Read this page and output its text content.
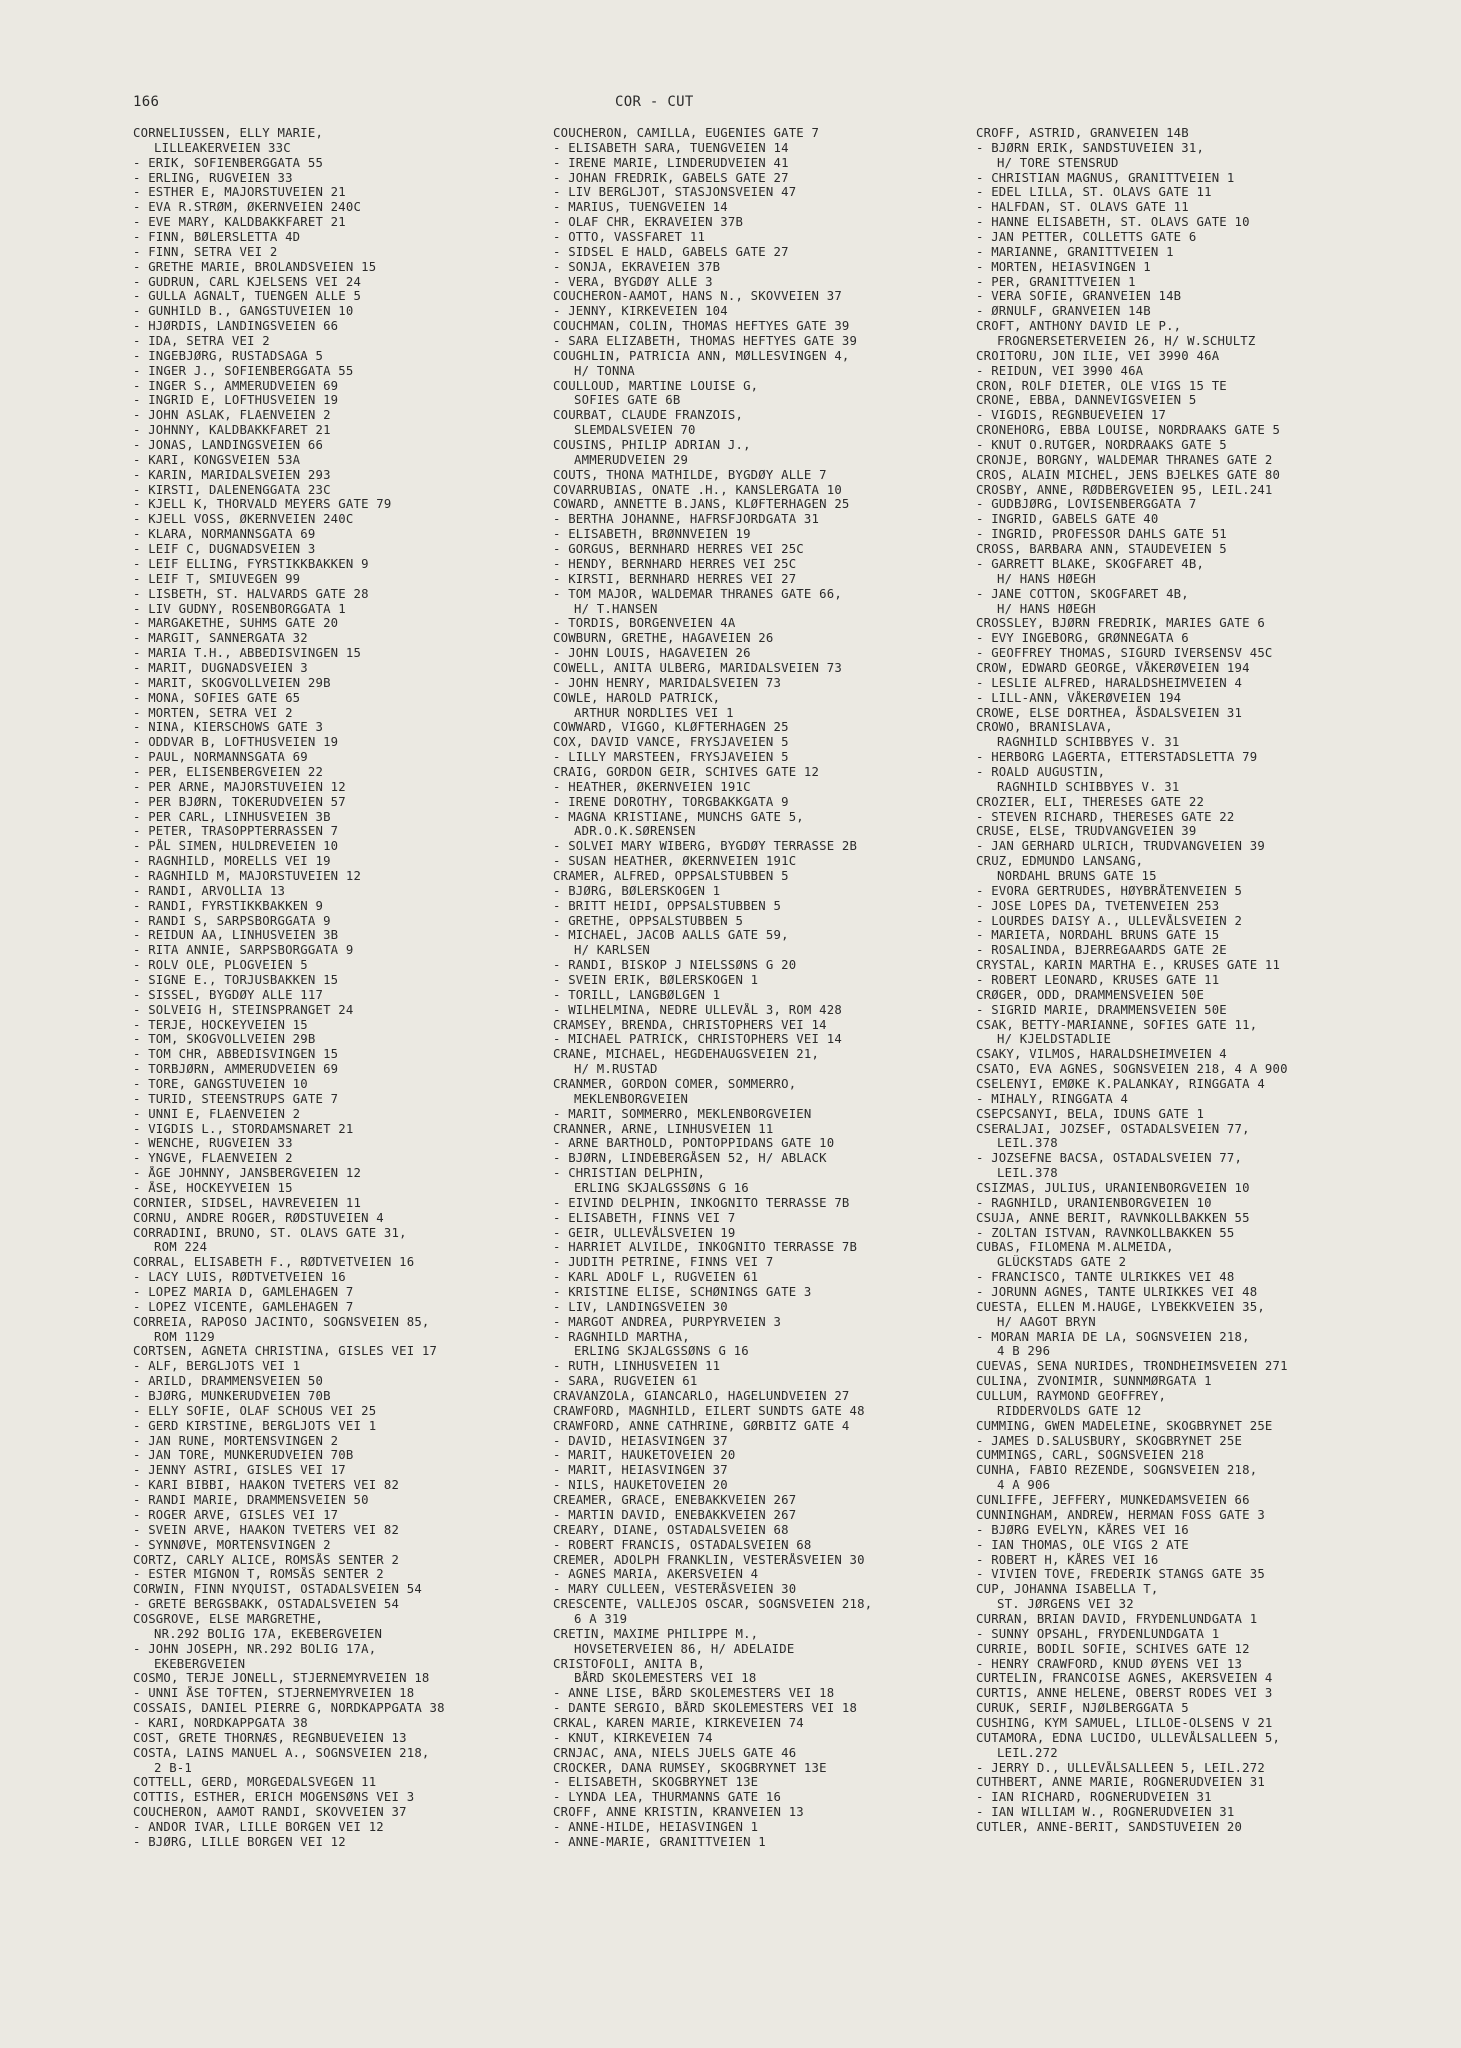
166	COR - CUT
CORNELIUSSEN, ELLY MARIE,
LILLEAKERVEIEN 33C
- ERIK, SOFIENBERGGATA 55
- ERLING, RUGVEIEN 33
- ESTHER E, MAJORSTUVEIEN 21
- EVA R.STRØM, ØKERNVEIEN 240C
- EVE MARY, KALDBAKKFARET 21
- FINN, BØLERSLETTA 4D
- FINN, SETRA VEI 2
- GRETHE MARIE, BROLANDSVEIEN 15
- GUDRUN, CARL KJELSENS VEI 24
- GULLA AGNALT, TUENGEN ALLE 5
- GUNHILD B., GANGSTUVEIEN 10
- HJØRDIS, LANDINGSVEIEN 66
- IDA, SETRA VEI 2
- INGEBJØRG, RUSTADSAGA 5
- INGER J., SOFIENBERGGATA 55
- INGER S., AMMERUDVEIEN 69
- INGRID E, LOFTHUSVEIEN 19
- JOHN ASLAK, FLAENVEIEN 2
- JOHNNY, KALDBAKKFARET 21
- JONAS, LANDINGSVEIEN 66
- KARI, KONGSVEIEN 53A
- KARIN, MARIDALSVEIEN 293
- KIRSTI, DALENENGGATA 23C
- KJELL K, THORVALD MEYERS GATE 79
- KJELL VOSS, ØKERNVEIEN 240C
- KLARA, NORMANNSGATA 69
- LEIF C, DUGNADSVEIEN 3
- LEIF ELLING, FYRSTIKKBAKKEN 9
- LEIF T, SMIUVEGEN 99
- LISBETH, ST. HALVARDS GATE 28
- LIV GUDNY, ROSENBORGGATA 1
- MARGAKETHE, SUHMS GATE 20
- MARGIT, SANNERGATA 32
- MARIA T.H., ABBEDISVINGEN 15
- MARIT, DUGNADSVEIEN 3
- MARIT, SKOGVOLLVEIEN 29B
- MONA, SOFIES GATE 65
- MORTEN, SETRA VEI 2
- NINA, KIERSCHOWS GATE 3
- ODDVAR B, LOFTHUSVEIEN 19
- PAUL, NORMANNSGATA 69
- PER, ELISENBERGVEIEN 22
- PER ARNE, MAJORSTUVEIEN 12
- PER BJØRN, TOKERUDVEIEN 57
- PER CARL, LINHUSVEIEN 3B
- PETER, TRASOPPTERRASSEN 7
- PÅL SIMEN, HULDREVEIEN 10
- RAGNHILD, MORELLS VEI 19
- RAGNHILD M, MAJORSTUVEIEN 12
- RANDI, ARVOLLIA 13
- RANDI, FYRSTIKKBAKKEN 9
- RANDI S, SARPSBORGGATA 9
- REIDUN AA, LINHUSVEIEN 3B
- RITA ANNIE, SARPSBORGGATA 9
- ROLV OLE, PLOGVEIEN 5
- SIGNE E., TORJUSBAKKEN 15
- SISSEL, BYGDØY ALLE 117
- SOLVEIG H, STEINSPRANGET 24
- TERJE, HOCKEYVEIEN 15
- TOM, SKOGVOLLVEIEN 29B
- TOM CHR, ABBEDISVINGEN 15
- TORBJØRN, AMMERUDVEIEN 69
- TORE, GANGSTUVEIEN 10
- TURID, STEENSTRUPS GATE 7
- UNNI E, FLAENVEIEN 2
- VIGDIS L., STORDAMSNARET 21
- WENCHE, RUGVEIEN 33
- YNGVE, FLAENVEIEN 2
- ÅGE JOHNNY, JANSBERGVEIEN 12
- ÅSE, HOCKEYVEIEN 15
CORNIER, SIDSEL, HAVREVEIEN 11
CORNU, ANDRE ROGER, RØDSTUVEIEN 4
CORRADINI, BRUNO, ST. OLAVS GATE 31,
ROM 224
CORRAL, ELISABETH F., RØDTVETVEIEN 16
- LACY LUIS, RØDTVETVEIEN 16
- LOPEZ MARIA D, GAMLEHAGEN 7
- LOPEZ VICENTE, GAMLEHAGEN 7
CORREIA, RAPOSO JACINTO, SOGNSVEIEN 85,
ROM 1129
CORTSEN, AGNETA CHRISTINA, GISLES VEI 17
- ALF, BERGLJOTS VEI 1
- ARILD, DRAMMENSVEIEN 50
- BJØRG, MUNKERUDVEIEN 70B
- ELLY SOFIE, OLAF SCHOUS VEI 25
- GERD KIRSTINE, BERGLJOTS VEI 1
- JAN RUNE, MORTENSVINGEN 2
- JAN TORE, MUNKERUDVEIEN 70B
- JENNY ASTRI, GISLES VEI 17
- KARI BIBBI, HAAKON TVETERS VEI 82
- RANDI MARIE, DRAMMENSVEIEN 50
- ROGER ARVE, GISLES VEI 17
- SVEIN ARVE, HAAKON TVETERS VEI 82
- SYNNØVE, MORTENSVINGEN 2
CORTZ, CARLY ALICE, ROMSÅS SENTER 2
- ESTER MIGNON T, ROMSÅS SENTER 2
CORWIN, FINN NYQUIST, OSTADALSVEIEN 54
- GRETE BERGSBAKK, OSTADALSVEIEN 54
COSGROVE, ELSE MARGRETHE,
NR.292 BOLIG 17A, EKEBERGVEIEN
- JOHN JOSEPH, NR.292 BOLIG 17A,
EKEBERGVEIEN
COSMO, TERJE JONELL, STJERNEMYRVEIEN 18
- UNNI ÅSE TOFTEN, STJERNEMYRVEIEN 18
COSSAIS, DANIEL PIERRE G, NORDKAPPGATA 38
- KARI, NORDKAPPGATA 38
COST, GRETE THORNÆS, REGNBUEVEIEN 13
COSTA, LAINS MANUEL A., SOGNSVEIEN 218,
2 B-1
COTTELL, GERD, MORGEDALSVEGEN 11
COTTIS, ESTHER, ERICH MOGENSØNS VEI 3
COUCHERON, AAMOT RANDI, SKOVVEIEN 37
- ANDOR IVAR, LILLE BORGEN VEI 12
- BJØRG, LILLE BORGEN VEI 12
COUCHERON, CAMILLA, EUGENIES GATE 7
- ELISABETH SARA, TUENGVEIEN 14
- IRENE MARIE, LINDERUDVEIEN 41
- JOHAN FREDRIK, GABELS GATE 27
- LIV BERGLJOT, STASJONSVEIEN 47
- MARIUS, TUENGVEIEN 14
- OLAF CHR, EKRAVEIEN 37B
- OTTO, VASSFARET 11
- SIDSEL E HALD, GABELS GATE 27
- SONJA, EKRAVEIEN 37B
- VERA, BYGDØY ALLE 3
COUCHERON-AAMOT, HANS N., SKOVVEIEN 37
- JENNY, KIRKEVEIEN 104
COUCHMAN, COLIN, THOMAS HEFTYES GATE 39
- SARA ELIZABETH, THOMAS HEFTYES GATE 39
COUGHLIN, PATRICIA ANN, MØLLESVINGEN 4,
H/ TONNA
COULLOUD, MARTINE LOUISE G,
SOFIES GATE 6B
COURBAT, CLAUDE FRANZOIS,
SLEMDALSVEIEN 70
COUSINS, PHILIP ADRIAN J.,
AMMERUDVEIEN 29
COUTS, THONA MATHILDE, BYGDØY ALLE 7
COVARRUBIAS, ONATE .H., KANSLERGATA 10
COWARD, ANNETTE B.JANS, KLØFTERHAGEN 25
- BERTHA JOHANNE, HAFRSFJORDGATA 31
- ELISABETH, BRØNNVEIEN 19
- GORGUS, BERNHARD HERRES VEI 25C
- HENDY, BERNHARD HERRES VEI 25C
- KIRSTI, BERNHARD HERRES VEI 27
- TOM MAJOR, WALDEMAR THRANES GATE 66,
H/ T.HANSEN
- TORDIS, BORGENVEIEN 4A
COWBURN, GRETHE, HAGAVEIEN 26
- JOHN LOUIS, HAGAVEIEN 26
COWELL, ANITA ULBERG, MARIDALSVEIEN 73
- JOHN HENRY, MARIDALSVEIEN 73
COWLE, HAROLD PATRICK,
ARTHUR NORDLIES VEI 1
COWWARD, VIGGO, KLØFTERHAGEN 25
COX, DAVID VANCE, FRYSJAVEIEN 5
- LILLY MARSTEEN, FRYSJAVEIEN 5
CRAIG, GORDON GEIR, SCHIVES GATE 12
- HEATHER, ØKERNVEIEN 191C
- IRENE DOROTHY, TORGBAKKGATA 9
- MAGNA KRISTIANE, MUNCHS GATE 5,
ADR.O.K.SØRENSEN
- SOLVEI MARY WIBERG, BYGDØY TERRASSE 2B
- SUSAN HEATHER, ØKERNVEIEN 191C
CRAMER, ALFRED, OPPSALSTUBBEN 5
- BJØRG, BØLERSKOGEN 1
- BRITT HEIDI, OPPSALSTUBBEN 5
- GRETHE, OPPSALSTUBBEN 5
- MICHAEL, JACOB AALLS GATE 59,
H/ KARLSEN
- RANDI, BISKOP J NIELSSØNS G 20
- SVEIN ERIK, BØLERSKOGEN 1
- TORILL, LANGBØLGEN 1
- WILHELMINA, NEDRE ULLEVÅL 3, ROM 428
CRAMSEY, BRENDA, CHRISTOPHERS VEI 14
- MICHAEL PATRICK, CHRISTOPHERS VEI 14
CRANE, MICHAEL, HEGDEHAUGSVEIEN 21,
H/ M.RUSTAD
CRANMER, GORDON COMER, SOMMERRO,
MEKLENBORGVEIEN
- MARIT, SOMMERRO, MEKLENBORGVEIEN
CRANNER, ARNE, LINHUSVEIEN 11
- ARNE BARTHOLD, PONTOPPIDANS GATE 10
- BJØRN, LINDEBERGÅSEN 52, H/ ABLACK
- CHRISTIAN DELPHIN,
ERLING SKJALGSSØNS G 16
- EIVIND DELPHIN, INKOGNITO TERRASSE 7B
- ELISABETH, FINNS VEI 7
- GEIR, ULLEVÅLSVEIEN 19
- HARRIET ALVILDE, INKOGNITO TERRASSE 7B
- JUDITH PETRINE, FINNS VEI 7
- KARL ADOLF L, RUGVEIEN 61
- KRISTINE ELISE, SCHØNINGS GATE 3
- LIV, LANDINGSVEIEN 30
- MARGOT ANDREA, PURPYRVEIEN 3
- RAGNHILD MARTHA,
ERLING SKJALGSSØNS G 16
- RUTH, LINHUSVEIEN 11
- SARA, RUGVEIEN 61
CRAVANZOLA, GIANCARLO, HAGELUNDVEIEN 27
CRAWFORD, MAGNHILD, EILERT SUNDTS GATE 48
CRAWFORD, ANNE CATHRINE, GØRBITZ GATE 4
- DAVID, HEIASVINGEN 37
- MARIT, HAUKETOVEIEN 20
- MARIT, HEIASVINGEN 37
- NILS, HAUKETOVEIEN 20
CREAMER, GRACE, ENEBAKKVEIEN 267
- MARTIN DAVID, ENEBAKKVEIEN 267
CREARY, DIANE, OSTADALSVEIEN 68
- ROBERT FRANCIS, OSTADALSVEIEN 68
CREMER, ADOLPH FRANKLIN, VESTERÅSVEIEN 30
- AGNES MARIA, AKERSVEIEN 4
- MARY CULLEEN, VESTERÅSVEIEN 30
CRESCENTE, VALLEJOS OSCAR, SOGNSVEIEN 218,
6 A 319
CRETIN, MAXIME PHILIPPE M.,
HOVSETERVEIEN 86, H/ ADELAIDE
CRISTOFOLI, ANITA B,
BÅRD SKOLEMESTERS VEI 18
- ANNE LISE, BÅRD SKOLEMESTERS VEI 18
- DANTE SERGIO, BÅRD SKOLEMESTERS VEI 18
CRKAL, KAREN MARIE, KIRKEVEIEN 74
- KNUT, KIRKEVEIEN 74
CRNJAC, ANA, NIELS JUELS GATE 46
CROCKER, DANA RUMSEY, SKOGBRYNET 13E
- ELISABETH, SKOGBRYNET 13E
- LYNDA LEA, THURMANNS GATE 16
CROFF, ANNE KRISTIN, KRANVEIEN 13
- ANNE-HILDE, HEIASVINGEN 1
- ANNE-MARIE, GRANITTVEIEN 1
CROFF, ASTRID, GRANVEIEN 14B
- BJØRN ERIK, SANDSTUVEIEN 31,
H/ TORE STENSRUD
- CHRISTIAN MAGNUS, GRANITTVEIEN 1
- EDEL LILLA, ST. OLAVS GATE 11
- HALFDAN, ST. OLAVS GATE 11
- HANNE ELISABETH, ST. OLAVS GATE 10
- JAN PETTER, COLLETTS GATE 6
- MARIANNE, GRANITTVEIEN 1
- MORTEN, HEIASVINGEN 1
- PER, GRANITTVEIEN 1
- VERA SOFIE, GRANVEIEN 14B
- ØRNULF, GRANVEIEN 14B
CROFT, ANTHONY DAVID LE P.,
FROGNERSETERVEIEN 26, H/ W.SCHULTZ
CROITORU, JON ILIE, VEI 3990 46A
- REIDUN, VEI 3990 46A
CRON, ROLF DIETER, OLE VIGS 15 TE
CRONE, EBBA, DANNEVIGSVEIEN 5
- VIGDIS, REGNBUEVEIEN 17
CRONEHORG, EBBA LOUISE, NORDRAAKS GATE 5
- KNUT O.RUTGER, NORDRAAKS GATE 5
CRONJE, BORGNY, WALDEMAR THRANES GATE 2
CROS, ALAIN MICHEL, JENS BJELKES GATE 80
CROSBY, ANNE, RØDBERGVEIEN 95, LEIL.241
- GUDBJØRG, LOVISENBERGGATA 7
- INGRID, GABELS GATE 40
- INGRID, PROFESSOR DAHLS GATE 51
CROSS, BARBARA ANN, STAUDEVEIEN 5
- GARRETT BLAKE, SKOGFARET 4B,
H/ HANS HØEGH
- JANE COTTON, SKOGFARET 4B,
H/ HANS HØEGH
CROSSLEY, BJØRN FREDRIK, MARIES GATE 6
- EVY INGEBORG, GRØNNEGATA 6
- GEOFFREY THOMAS, SIGURD IVERSENSV 45C
CROW, EDWARD GEORGE, VÅKERØVEIEN 194
- LESLIE ALFRED, HARALDSHEIMVEIEN 4
- LILL-ANN, VÅKERØVEIEN 194
CROWE, ELSE DORTHEA, ÅSDALSVEIEN 31
CROWO, BRANISLAVA,
RAGNHILD SCHIBBYES V. 31
- HERBORG LAGERTA, ETTERSTADSLETTA 79
- ROALD AUGUSTIN,
RAGNHILD SCHIBBYES V. 31
CROZIER, ELI, THERESES GATE 22
- STEVEN RICHARD, THERESES GATE 22
CRUSE, ELSE, TRUDVANGVEIEN 39
- JAN GERHARD ULRICH, TRUDVANGVEIEN 39
CRUZ, EDMUNDO LANSANG,
NORDAHL BRUNS GATE 15
- EVORA GERTRUDES, HØYBRÅTENVEIEN 5
- JOSE LOPES DA, TVETENVEIEN 253
- LOURDES DAISY A., ULLEVÅLSVEIEN 2
- MARIETA, NORDAHL BRUNS GATE 15
- ROSALINDA, BJERREGAARDS GATE 2E
CRYSTAL, KARIN MARTHA E., KRUSES GATE 11
- ROBERT LEONARD, KRUSES GATE 11
CRØGER, ODD, DRAMMENSVEIEN 50E
- SIGRID MARIE, DRAMMENSVEIEN 50E
CSAK, BETTY-MARIANNE, SOFIES GATE 11,
H/ KJELDSTADLIE
CSAKY, VILMOS, HARALDSHEIMVEIEN 4
CSATO, EVA AGNES, SOGNSVEIEN 218, 4 A 900
CSELENYI, EMØKE K.PALANKAY, RINGGATA 4
- MIHALY, RINGGATA 4
CSEPCSANYI, BELA, IDUNS GATE 1
CSERALJAI, JOZSEF, OSTADALSVEIEN 77,
LEIL.378
- JOZSEFNE BACSA, OSTADALSVEIEN 77,
LEIL.378
CSIZMAS, JULIUS, URANIENBORGVEIEN 10
- RAGNHILD, URANIENBORGVEIEN 10
CSUJA, ANNE BERIT, RAVNKOLLBAKKEN 55
- ZOLTAN ISTVAN, RAVNKOLLBAKKEN 55
CUBAS, FILOMENA M.ALMEIDA,
GLÜCKSTADS GATE 2
- FRANCISCO, TANTE ULRIKKES VEI 48
- JORUNN AGNES, TANTE ULRIKKES VEI 48
CUESTA, ELLEN M.HAUGE, LYBEKKVEIEN 35,
H/ AAGOT BRYN
- MORAN MARIA DE LA, SOGNSVEIEN 218,
4 B 296
CUEVAS, SENA NURIDES, TRONDHEIMSVEIEN 271
CULINA, ZVONIMIR, SUNNMØRGATA 1
CULLUM, RAYMOND GEOFFREY,
RIDDERVOLDS GATE 12
CUMMING, GWEN MADELEINE, SKOGBRYNET 25E
- JAMES D.SALUSBURY, SKOGBRYNET 25E
CUMMINGS, CARL, SOGNSVEIEN 218
CUNHA, FABIO REZENDE, SOGNSVEIEN 218,
4 A 906
CUNLIFFE, JEFFERY, MUNKEDAMSVEIEN 66
CUNNINGHAM, ANDREW, HERMAN FOSS GATE 3
- BJØRG EVELYN, KÅRES VEI 16
- IAN THOMAS, OLE VIGS 2 ATE
- ROBERT H, KÅRES VEI 16
- VIVIEN TOVE, FREDERIK STANGS GATE 35
CUP, JOHANNA ISABELLA T,
ST. JØRGENS VEI 32
CURRAN, BRIAN DAVID, FRYDENLUNDGATA 1
- SUNNY OPSAHL, FRYDENLUNDGATA 1
CURRIE, BODIL SOFIE, SCHIVES GATE 12
- HENRY CRAWFORD, KNUD ØYENS VEI 13
CURTELIN, FRANCOISE AGNES, AKERSVEIEN 4
CURTIS, ANNE HELENE, OBERST RODES VEI 3
CURUK, SERIF, NJØLBERGGATA 5
CUSHING, KYM SAMUEL, LILLOE-OLSENS V 21
CUTAMORA, EDNA LUCIDO, ULLEVÅLSALLEEN 5,
LEIL.272
- JERRY D., ULLEVÅLSALLEEN 5, LEIL.272
CUTHBERT, ANNE MARIE, ROGNERUDVEIEN 31
- IAN RICHARD, ROGNERUDVEIEN 31
- IAN WILLIAM W., ROGNERUDVEIEN 31
CUTLER, ANNE-BERIT, SANDSTUVEIEN 20
